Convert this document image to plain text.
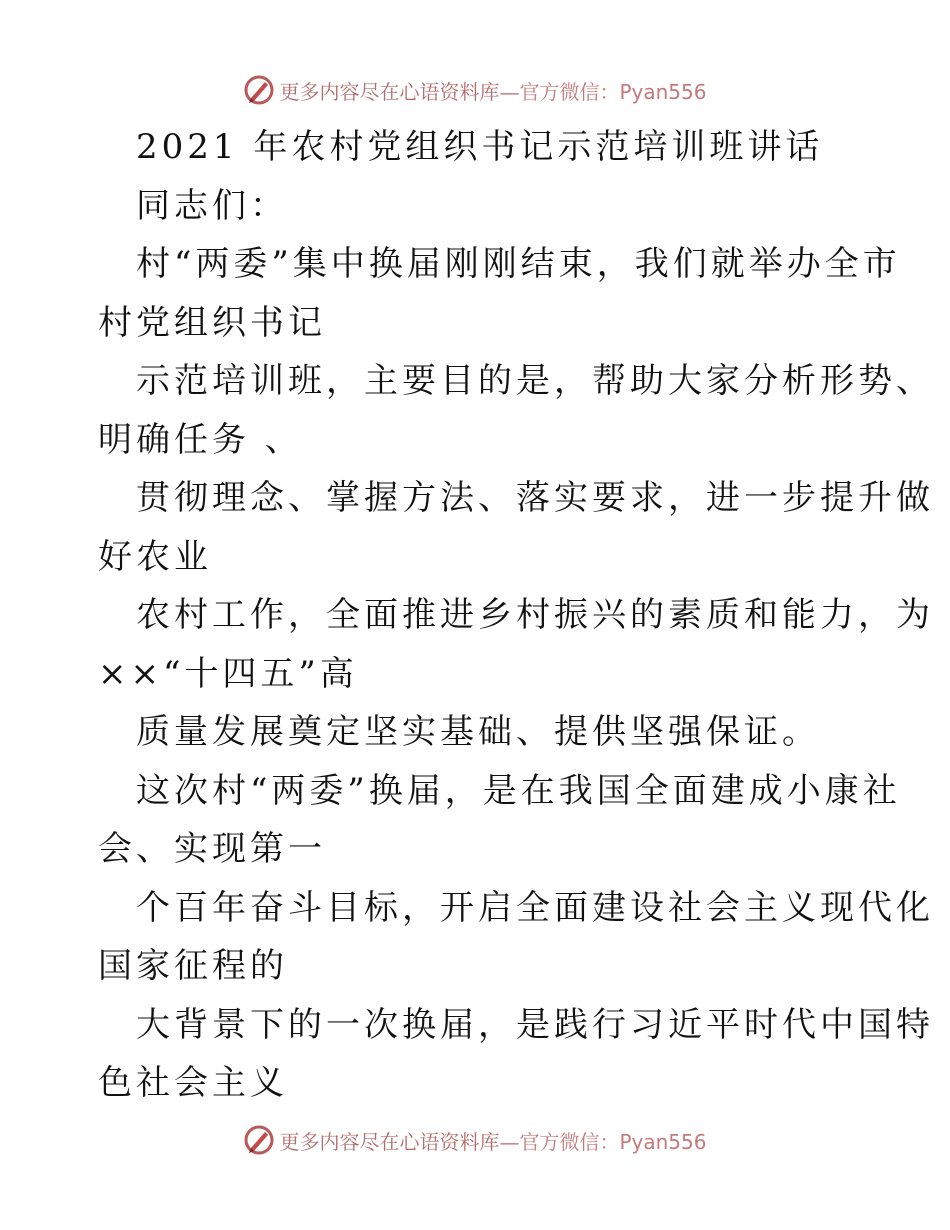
更多内容尽在心语资料库—官方微信：Pyan556
2021 年农村党组织书记示范培训班讲话
同志们：
村“两委”集中换届刚刚结束，我们就举办全市
村党组织书记
示范培训班，主要目的是，帮助大家分析形势、
明确任务 、
贯彻理念、掌握方法、落实要求，进一步提升做
好农业
农村工作，全面推进乡村振兴的素质和能力，为
××“十四五”高
质量发展奠定坚实基础、提供坚强保证。
这次村“两委”换届，是在我国全面建成小康社
会、实现第一
个百年奋斗目标，开启全面建设社会主义现代化
国家征程的
大背景下的一次换届，是践行习近平时代中国特
色社会主义
更多内容尽在心语资料库—官方微信：Pyan556
